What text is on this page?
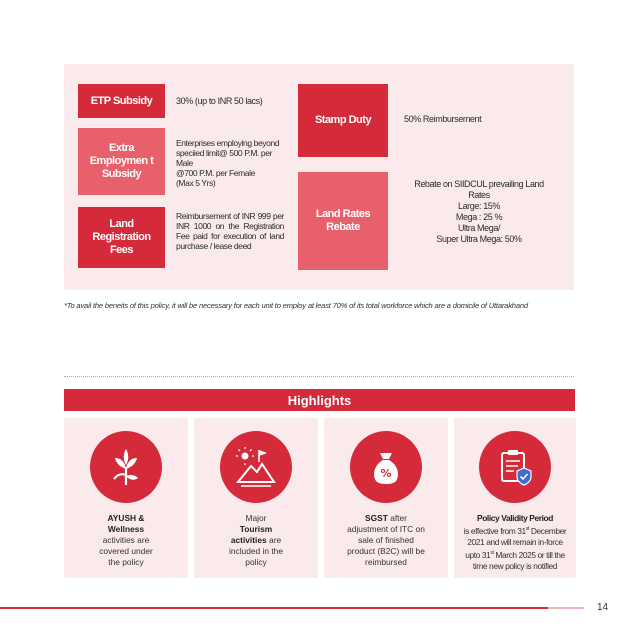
ETP Subsidy	30% (up to INR 50 lacs)
Extra Employmen t Subsidy
Enterprises employing beyond
speciied limit@ 500 P.M. per
Male
@700 P.M. per Female
(Max 5 Yrs)
Land Registration Fees
Reimbursement of INR 999 per INR 1000 on the Registration Fee paid for execution of land purchase / lease deed
Stamp Duty	50% Reimbursement
Land Rates Rebate
Rebate on SIIDCUL prevailing Land
Rates
Large: 15%
Mega : 25 %
Ultra Mega/
Super Ultra Mega: 50%
*To avail the beneits of this policy, it will be necessary for each unit to employ at least 70% of its total workforce which are a domicile of Uttarakhand
Highlights
AYUSH &
Wellness
activities are
covered under
the policy
Major
Tourism
activities are
included in the
policy
%
SGST after
adjustment of ITC on
sale of finished
product (B2C) will be
reimbursed
Policy Validity Period
is effective from 31st December
2021 and will remain in-force
upto 31st March 2025 or till the
time new policy is notified
14
